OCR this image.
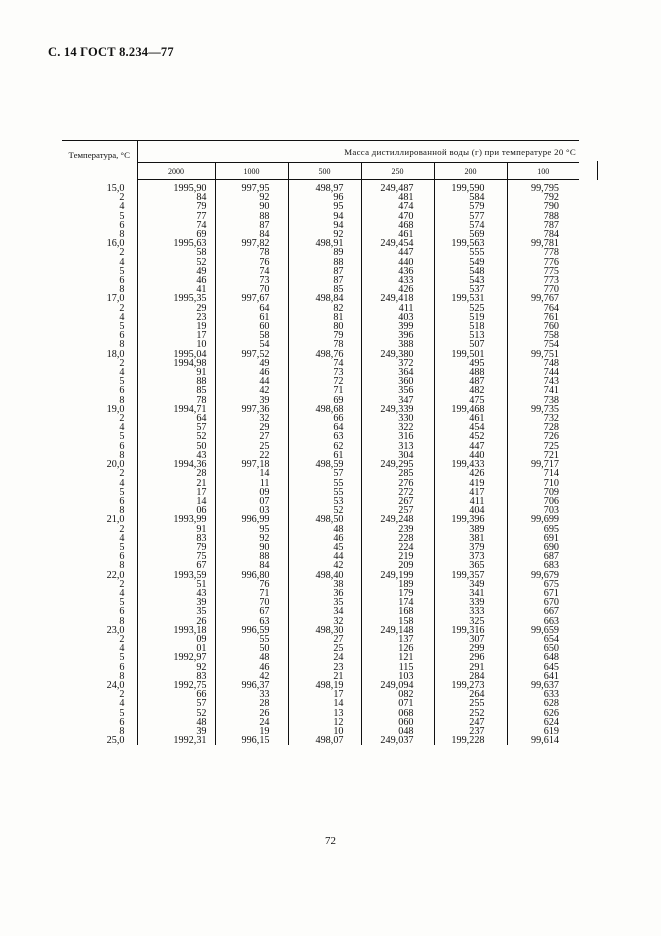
С. 14 ГОСТ 8.234—77
Температура, °С	Масса дистиллированной воды (г) при температуре 20 °С					
	2000	1000	500	250	200	100
15,0	1995,90	997,95	498,97	249,487	199,590	99,795
2	84	92	96	481	584	792
4	79	90	95	474	579	790
5	77	88	94	470	577	788
6	74	87	94	468	574	787
8	69	84	92	461	569	784
16,0	1995,63	997,82	498,91	249,454	199,563	99,781
2	58	78	89	447	555	778
4	52	76	88	440	549	776
5	49	74	87	436	548	775
6	46	73	87	433	543	773
8	41	70	85	426	537	770
17,0	1995,35	997,67	498,84	249,418	199,531	99,767
2	29	64	82	411	525	764
4	23	61	81	403	519	761
5	19	60	80	399	518	760
6	17	58	79	396	513	758
8	10	54	78	388	507	754
18,0	1995,04	997,52	498,76	249,380	199,501	99,751
2	1994,98	49	74	372	495	748
4	91	46	73	364	488	744
5	88	44	72	360	487	743
6	85	42	71	356	482	741
8	78	39	69	347	475	738
19,0	1994,71	997,36	498,68	249,339	199,468	99,735
2	64	32	66	330	461	732
4	57	29	64	322	454	728
5	52	27	63	316	452	726
6	50	25	62	313	447	725
8	43	22	61	304	440	721
20,0	1994,36	997,18	498,59	249,295	199,433	99,717
2	28	14	57	285	426	714
4	21	11	55	276	419	710
5	17	09	55	272	417	709
6	14	07	53	267	411	706
8	06	03	52	257	404	703
21,0	1993,99	996,99	498,50	249,248	199,396	99,699
2	91	95	48	239	389	695
4	83	92	46	228	381	691
5	79	90	45	224	379	690
6	75	88	44	219	373	687
8	67	84	42	209	365	683
22,0	1993,59	996,80	498,40	249,199	199,357	99,679
2	51	76	38	189	349	675
4	43	71	36	179	341	671
5	39	70	35	174	339	670
6	35	67	34	168	333	667
8	26	63	32	158	325	663
23,0	1993,18	996,59	498,30	249,148	199,316	99,659
2	09	55	27	137	307	654
4	01	50	25	126	299	650
5	1992,97	48	24	121	296	648
6	92	46	23	115	291	645
8	83	42	21	103	284	641
24,0	1992,75	996,37	498,19	249,094	199,273	99,637
2	66	33	17	082	264	633
4	57	28	14	071	255	628
5	52	26	13	068	252	626
6	48	24	12	060	247	624
8	39	19	10	048	237	619
25,0	1992,31	996,15	498,07	249,037	199,228	99,614
72
